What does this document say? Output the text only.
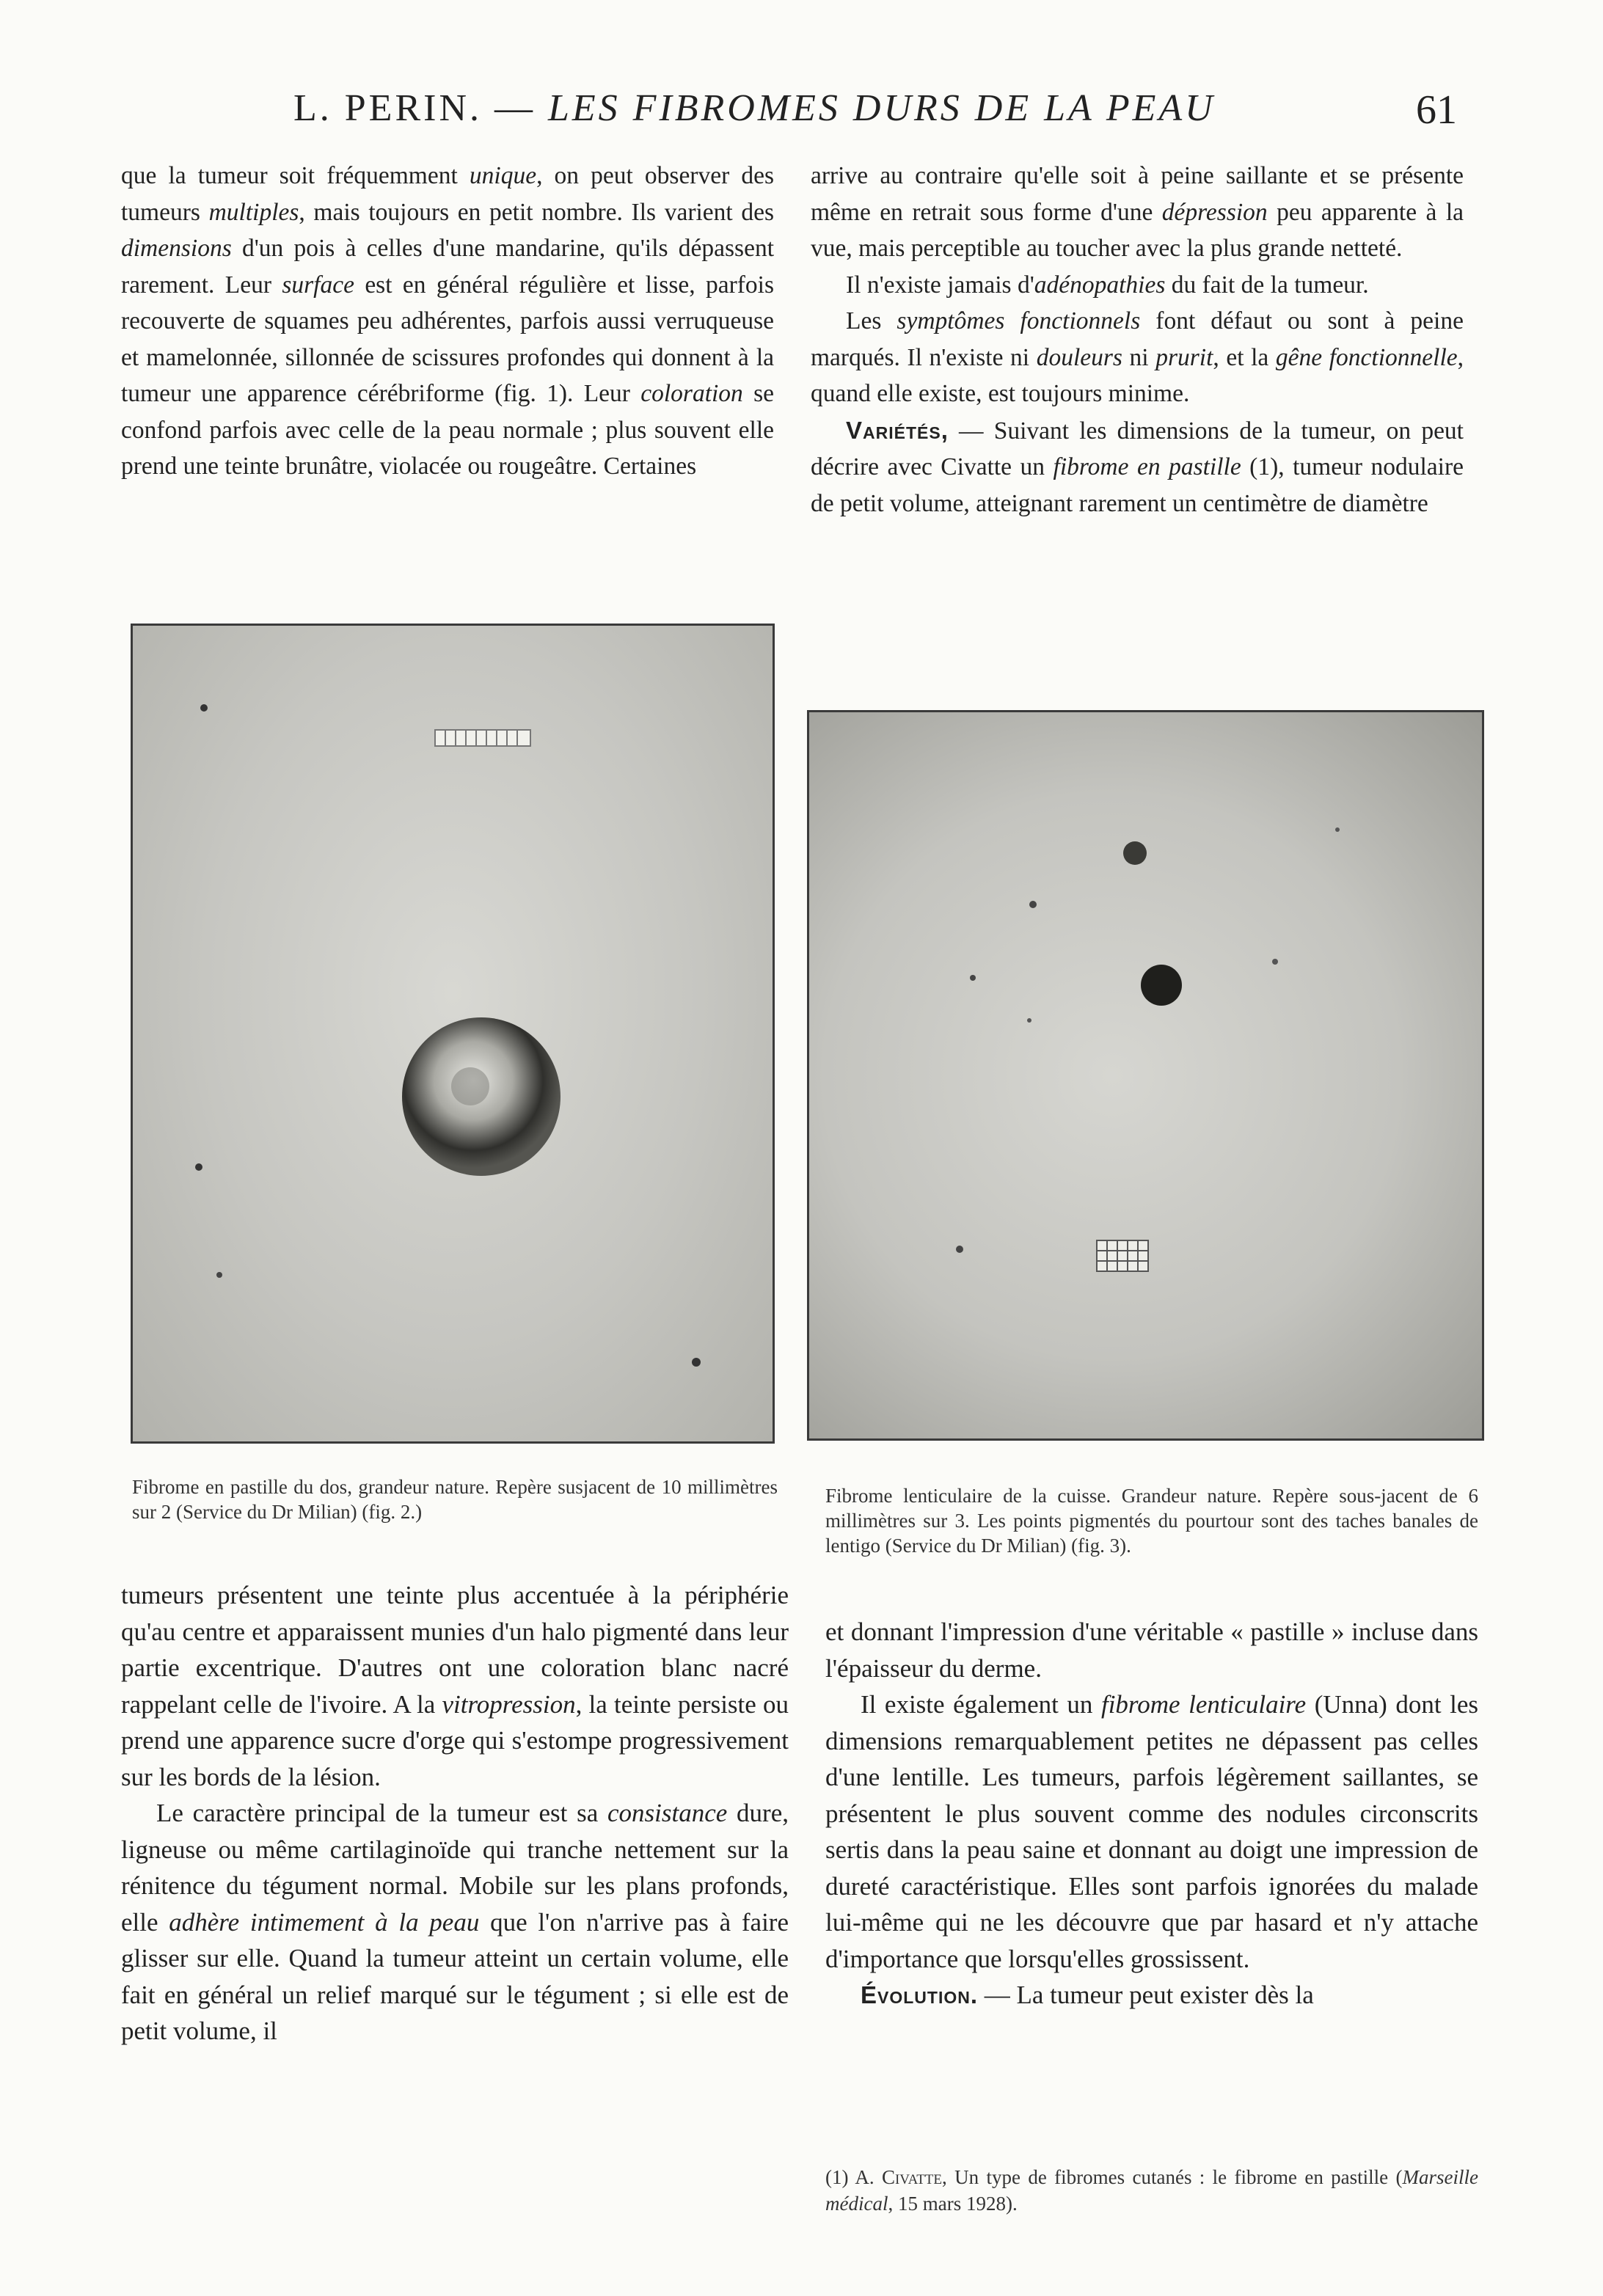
L. PERIN. — LES FIBROMES DURS DE LA PEAU	61

que la tumeur soit fréquemment unique, on peut observer des tumeurs multiples, mais toujours en petit nombre. Ils varient des dimensions d'un pois à celles d'une mandarine, qu'ils dépassent rarement. Leur surface est en général régulière et lisse, parfois recouverte de squames peu adhérentes, parfois aussi verruqueuse et mamelonnée, sillonnée de scissures profondes qui donnent à la tumeur une apparence cérébriforme (fig. 1). Leur coloration se confond parfois avec celle de la peau normale ; plus souvent elle prend une teinte brunâtre, violacée ou rougeâtre. Certaines

arrive au contraire qu'elle soit à peine saillante et se présente même en retrait sous forme d'une dépression peu apparente à la vue, mais perceptible au toucher avec la plus grande netteté.

Il n'existe jamais d'adénopathies du fait de la tumeur.

Les symptômes fonctionnels font défaut ou sont à peine marqués. Il n'existe ni douleurs ni prurit, et la gêne fonctionnelle, quand elle existe, est toujours minime.

Variétés, — Suivant les dimensions de la tumeur, on peut décrire avec Civatte un fibrome en pastille (1), tumeur nodulaire de petit volume, atteignant rarement un centimètre de diamètre

Fibrome en pastille du dos, grandeur nature. Repère susjacent de 10 millimètres sur 2 (Service du Dr Milian) (fig. 2.)
Fibrome lenticulaire de la cuisse. Grandeur nature. Repère sous-jacent de 6 millimètres sur 3. Les points pigmentés du pourtour sont des taches banales de lentigo (Service du Dr Milian) (fig. 3).

tumeurs présentent une teinte plus accentuée à la périphérie qu'au centre et apparaissent munies d'un halo pigmenté dans leur partie excentrique. D'autres ont une coloration blanc nacré rappelant celle de l'ivoire. A la vitropression, la teinte persiste ou prend une apparence sucre d'orge qui s'estompe progressivement sur les bords de la lésion.

Le caractère principal de la tumeur est sa consistance dure, ligneuse ou même cartilaginoïde qui tranche nettement sur la rénitence du tégument normal. Mobile sur les plans profonds, elle adhère intimement à la peau que l'on n'arrive pas à faire glisser sur elle. Quand la tumeur atteint un certain volume, elle fait en général un relief marqué sur le tégument ; si elle est de petit volume, il

et donnant l'impression d'une véritable « pastille » incluse dans l'épaisseur du derme.

Il existe également un fibrome lenticulaire (Unna) dont les dimensions remarquablement petites ne dépassent pas celles d'une lentille. Les tumeurs, parfois légèrement saillantes, se présentent le plus souvent comme des nodules circonscrits sertis dans la peau saine et donnant au doigt une impression de dureté caractéristique. Elles sont parfois ignorées du malade lui-même qui ne les découvre que par hasard et n'y attache d'importance que lorsqu'elles grossissent.

Évolution. — La tumeur peut exister dès la

(1) A. Civatte, Un type de fibromes cutanés : le fibrome en pastille (Marseille médical, 15 mars 1928).
